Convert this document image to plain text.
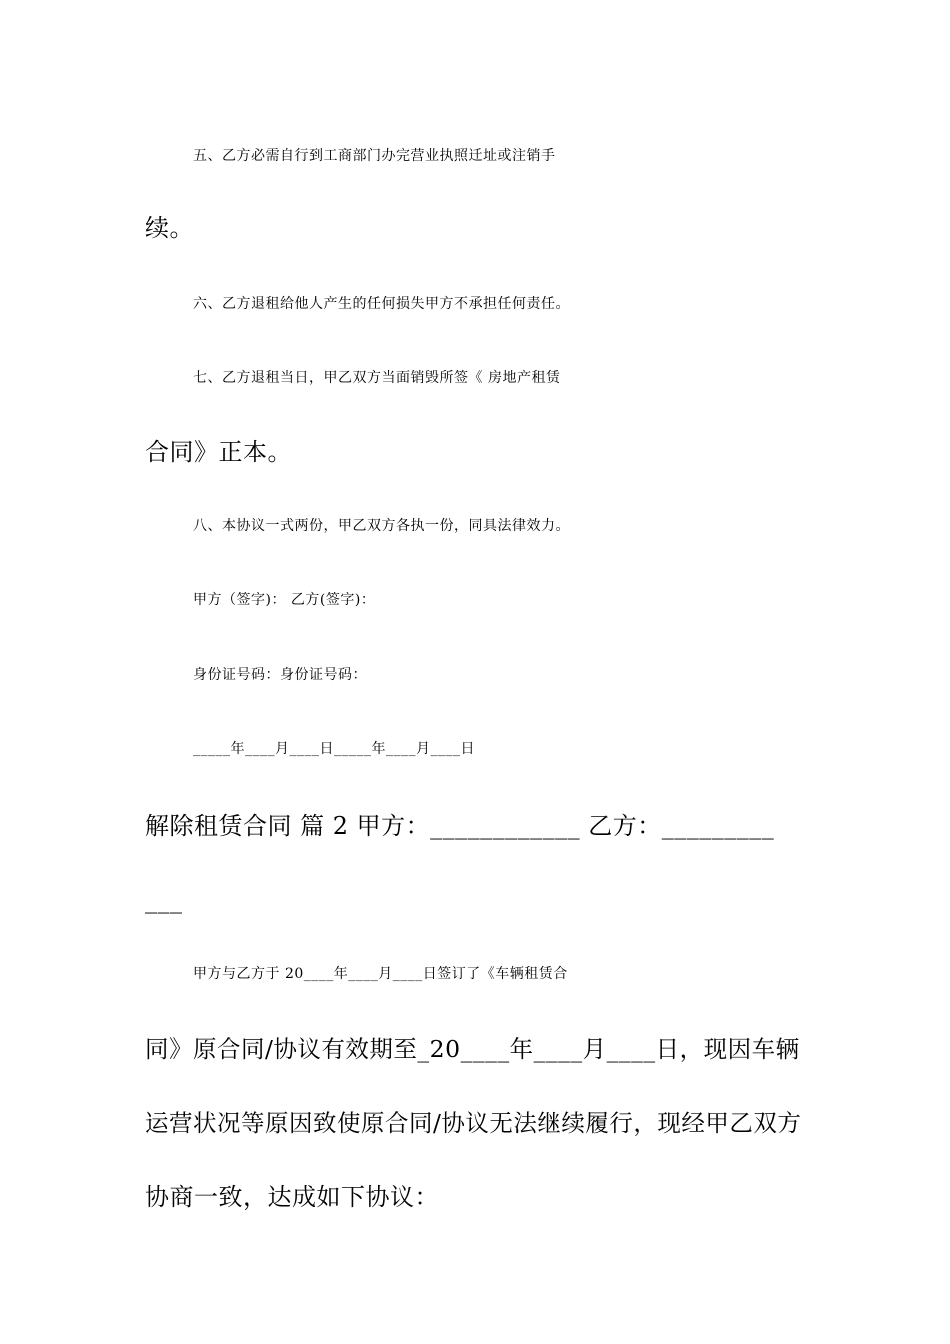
五、乙方必需自行到工商部门办完营业执照迁址或注销手
续。
六、乙方退租给他人产生的任何损失甲方不承担任何责任。
七、乙方退租当日，甲乙双方当面销毁所签《 房地产租赁
合同》正本。
八、本协议一式两份，甲乙双方各执一份，同具法律效力。
甲方（签字)： 乙方(签字)：
身份证号码：身份证号码：
_____年____月____日_____年____月____日
解除租赁合同 篇 2 甲方：____________ 乙方：_________
___
甲方与乙方于 20____年____月____日签订了《车辆租赁合
同》原合同/协议有效期至_20____年____月____日，现因车辆
运营状况等原因致使原合同/协议无法继续履行，现经甲乙双方
协商一致，达成如下协议：
